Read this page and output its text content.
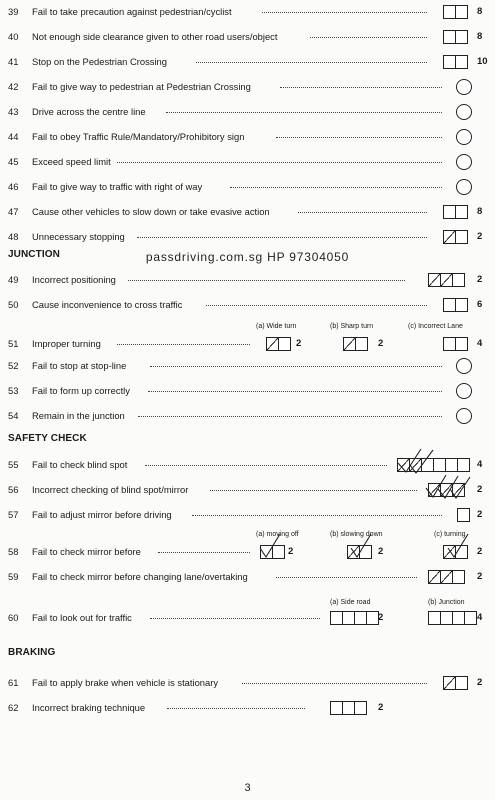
39	Fail to take precaution against pedestrian/cyclist	8
40	Not enough side clearance given to other road users/object	8
41	Stop on the Pedestrian Crossing	10
42	Fail to give way to pedestrian at Pedestrian Crossing
43	Drive across the centre line
44	Fail to obey Traffic Rule/Mandatory/Prohibitory sign
45	Exceed speed limit
46	Fail to give way to traffic with right of way
47	Cause other vehicles to slow down or take evasive action	8
48	Unnecessary stopping	2
JUNCTION	passdriving.com.sg HP 97304050
49	Incorrect positioning	2
50	Cause inconvenience to cross traffic	6
(a) Wide turn	(b) Sharp turn	(c) Incorrect Lane
51	Improper turning	2	2	4
52	Fail to stop at stop-line
53	Fail to form up correctly
54	Remain in the junction
SAFETY CHECK
55	Fail to check blind spot	4
56	Incorrect checking of blind spot/mirror	2
57	Fail to adjust mirror before driving	2
(a) moving off	(b) slowing down	(c) turning
58	Fail to check mirror before	2	2	2
59	Fail to check mirror before changing lane/overtaking	2
(a) Side road	(b) Junction
60	Fail to look out for traffic	2	4
BRAKING
61	Fail to apply brake when vehicle is stationary	2
62	Incorrect braking technique	2
3
